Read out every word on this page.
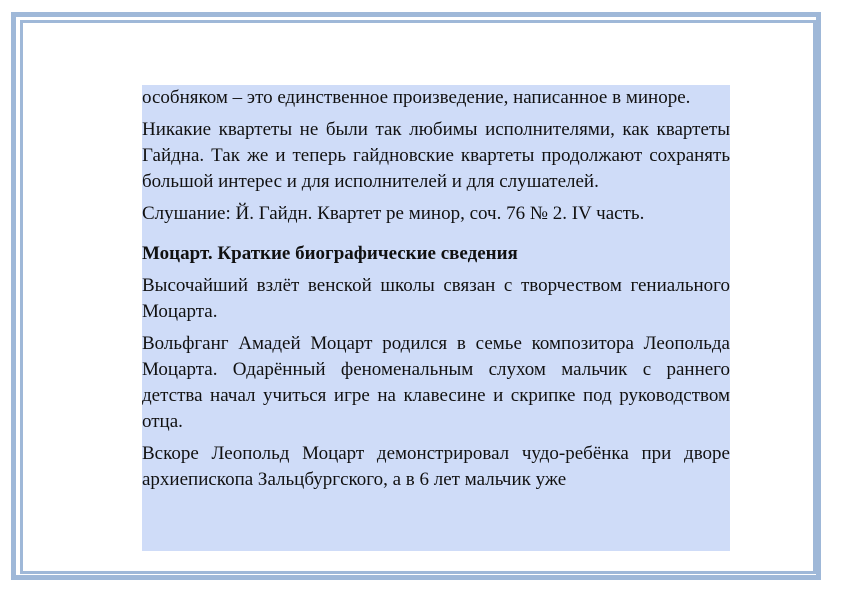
особняком – это единственное произведение, написанное в миноре.

Никакие квартеты не были так любимы исполнителями, как квартеты Гайдна. Так же и теперь гайдновские квартеты продолжают сохранять большой интерес и для исполнителей и для слушателей.

Слушание: Й. Гайдн. Квартет ре минор, соч. 76 № 2. IV часть.

Моцарт. Краткие биографические сведения

Высочайший взлёт венской школы связан с творчеством гениального Моцарта.

Вольфганг Амадей Моцарт родился в семье композитора Леопольда Моцарта. Одарённый феноменальным слухом мальчик с раннего детства начал учиться игре на клавесине и скрипке под руководством отца.

Вскоре Леопольд Моцарт демонстрировал чудо-ребёнка при дворе архиепископа Зальцбургского, а в 6 лет мальчик уже
